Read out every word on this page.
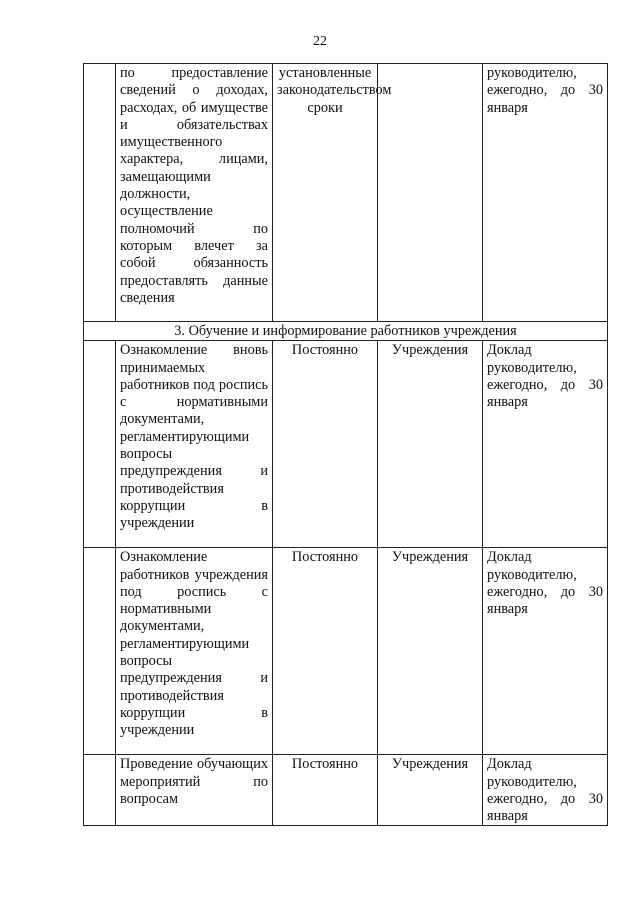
22
	по предоставление сведений о доходах, расходах, об имуществе и обязательствах имущественного характера, лицами, замещающими должности, осуществление полномочий по которым влечет за собой обязанность предоставлять данные сведения	установленные законодательством сроки		руководителю, ежегодно, до 30 января
3. Обучение и информирование работников учреждения				
	Ознакомление вновь принимаемых работников под роспись с нормативными документами, регламентирующими вопросы предупреждения и противодействия коррупции в учреждении	Постоянно	Учреждения	Доклад руководителю, ежегодно, до 30 января
	Ознакомление работников учреждения под роспись с нормативными документами, регламентирующими вопросы предупреждения и противодействия коррупции в учреждении	Постоянно	Учреждения	Доклад руководителю, ежегодно, до 30 января
	Проведение обучающих мероприятий по вопросам	Постоянно	Учреждения	Доклад руководителю, ежегодно, до 30 января
